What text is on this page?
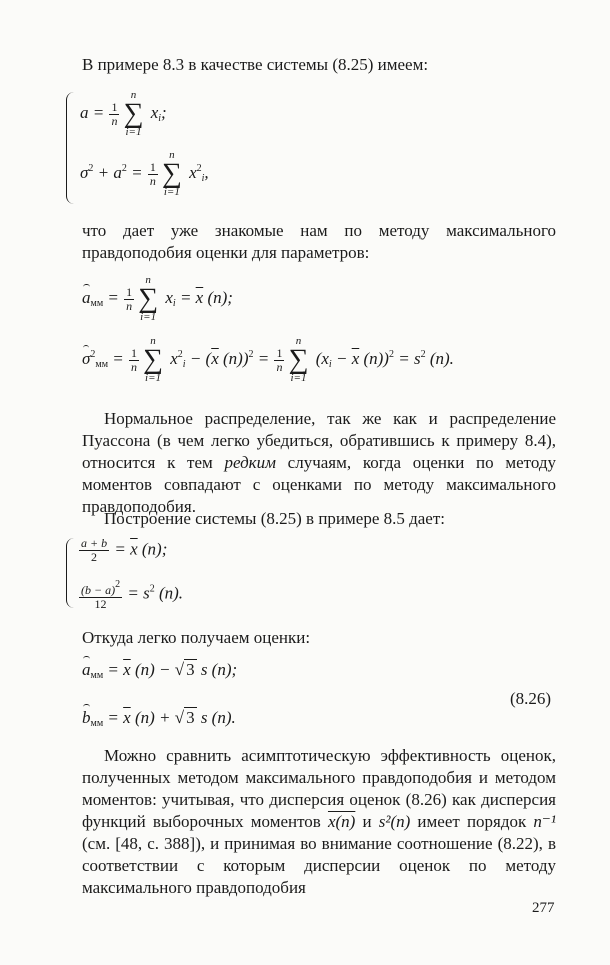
В примере 8.3 в качестве системы (8.25) имеем:

$a = \frac{1}{n}$
n
∑
i=1
$x_i$;
$\sigma^2 + a^2 = \frac{1}{n}$
n
∑
i=1
$x^2_i$,

что дает уже знакомые нам по методу максимального правдоподобия оценки для параметров:

$a_{мм} = \frac{1}{n}$
n
∑
i=1
$x_i = \overline{x}$ (n);
$\sigma^2_{мм} = \frac{1}{n}$
n
∑
i=1
$x^2_i - (\overline{x}$ $(n))^2 = \frac{1}{n}$
n
∑
i=1
($x_i - \overline{x}$ $(n))^2 = s^2$ (n).

Нормальное распределение, так же как и распределение Пуассона (в чем легко убедиться, обратившись к примеру 8.4), относится к тем редким случаям, когда оценки по методу моментов совпадают с оценками по методу максимального правдоподобия.

Построение системы (8.25) в примере 8.5 дает:

$\frac{a + b}{2} = \overline{x}$ (n);
$\frac{(b - a)^2}{12} = s^2$ (n).

Откуда легко получаем оценки:

$a_{мм} = \overline{x}$ (n) − √ 3 s (n);
$b_{мм} = \overline{x}$ (n) + √ 3 s (n).
(8.26)

Можно сравнить асимптотическую эффективность оценок, полученных методом максимального правдоподобия и методом моментов: учитывая, что дисперсия оценок (8.26) как дисперсия функций выборочных моментов x(n) и s²(n) имеет порядок n⁻¹ (см. [48, с. 388]), и принимая во внимание соотношение (8.22), в соответствии с которым дисперсии оценок по методу максимального правдоподобия

277
